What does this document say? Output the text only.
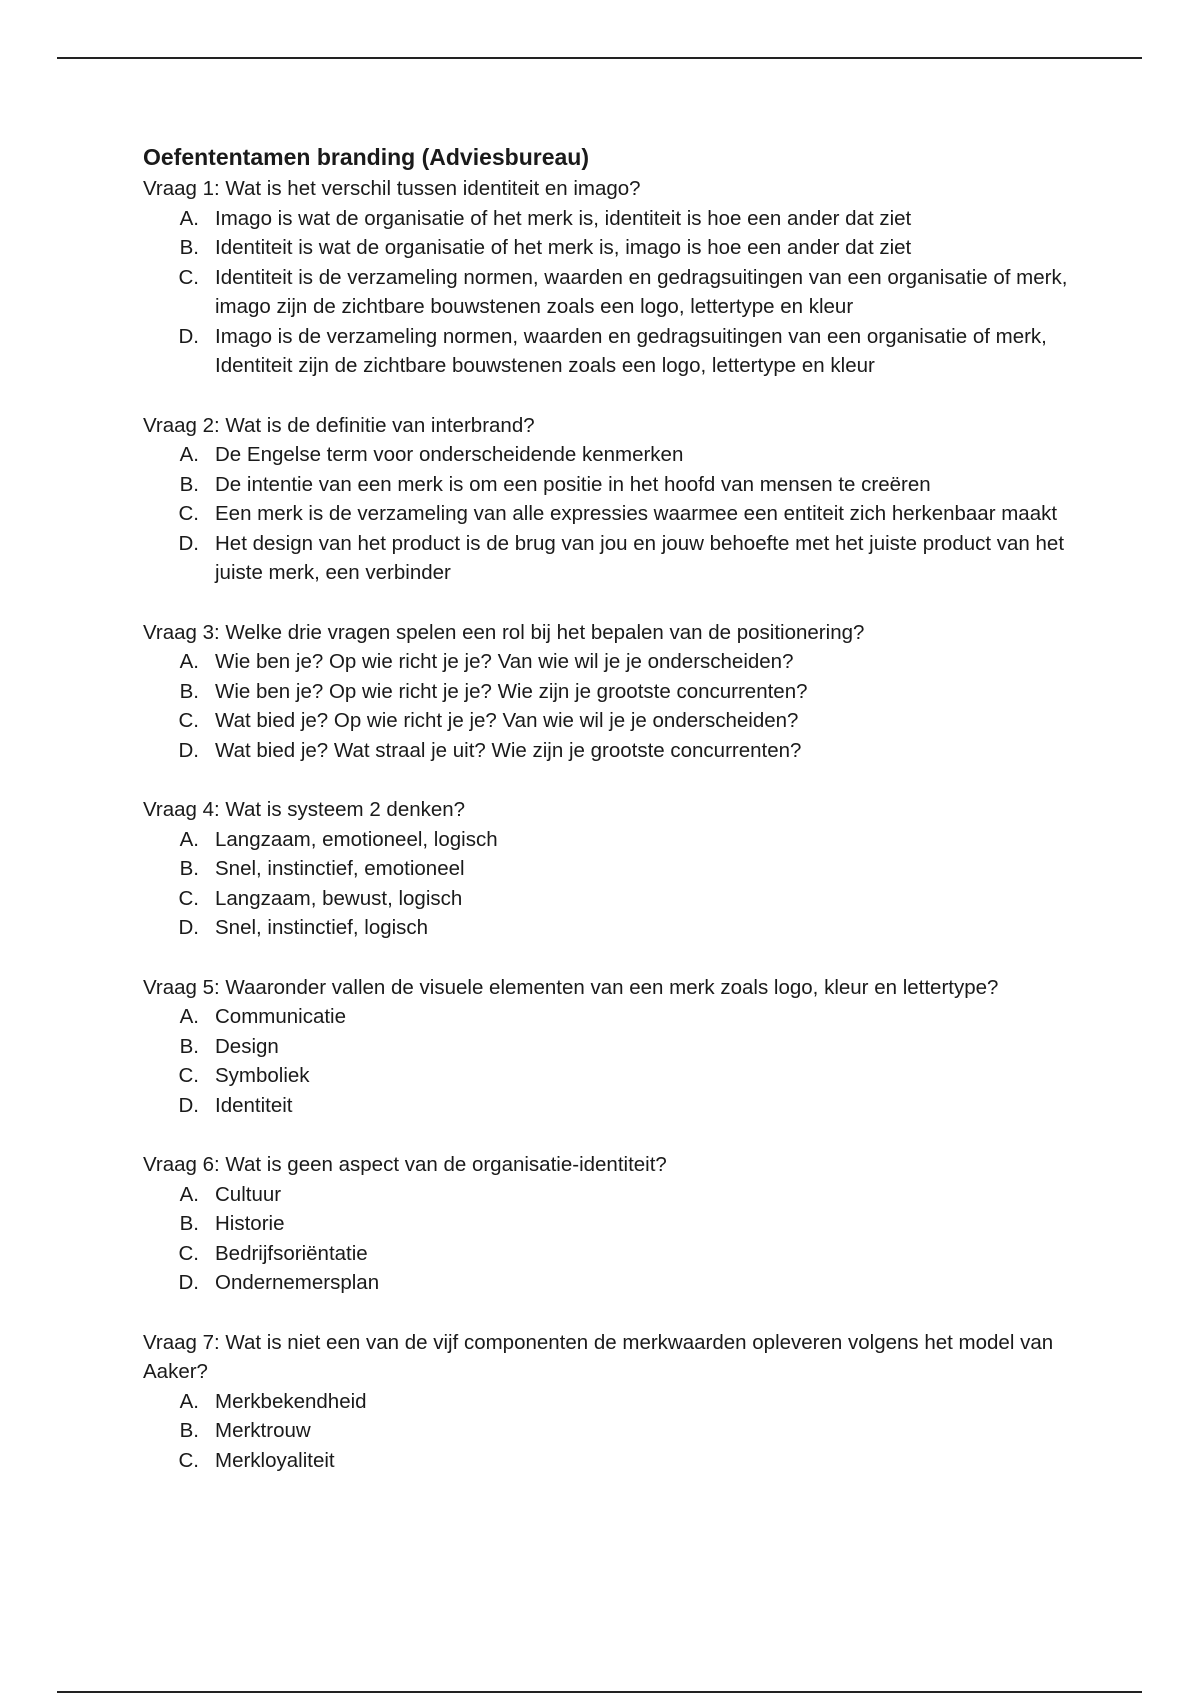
Oefententamen branding (Adviesbureau)

Vraag 1: Wat is het verschil tussen identiteit en imago?

A. Imago is wat de organisatie of het merk is, identiteit is hoe een ander dat ziet
B. Identiteit is wat de organisatie of het merk is, imago is hoe een ander dat ziet
C. Identiteit is de verzameling normen, waarden en gedragsuitingen van een organisatie of merk, imago zijn de zichtbare bouwstenen zoals een logo, lettertype en kleur
D. Imago is de verzameling normen, waarden en gedragsuitingen van een organisatie of merk, Identiteit zijn de zichtbare bouwstenen zoals een logo, lettertype en kleur

Vraag 2: Wat is de definitie van interbrand?

A. De Engelse term voor onderscheidende kenmerken
B. De intentie van een merk is om een positie in het hoofd van mensen te creëren
C. Een merk is de verzameling van alle expressies waarmee een entiteit zich herkenbaar maakt
D. Het design van het product is de brug van jou en jouw behoefte met het juiste product van het juiste merk, een verbinder

Vraag 3: Welke drie vragen spelen een rol bij het bepalen van de positionering?

A. Wie ben je? Op wie richt je je? Van wie wil je je onderscheiden?
B. Wie ben je? Op wie richt je je? Wie zijn je grootste concurrenten?
C. Wat bied je? Op wie richt je je? Van wie wil je je onderscheiden?
D. Wat bied je? Wat straal je uit? Wie zijn je grootste concurrenten?

Vraag 4: Wat is systeem 2 denken?

A. Langzaam, emotioneel, logisch
B. Snel, instinctief, emotioneel
C. Langzaam, bewust, logisch
D. Snel, instinctief, logisch

Vraag 5: Waaronder vallen de visuele elementen van een merk zoals logo, kleur en lettertype?

A. Communicatie
B. Design
C. Symboliek
D. Identiteit

Vraag 6: Wat is geen aspect van de organisatie-identiteit?

A. Cultuur
B. Historie
C. Bedrijfsoriëntatie
D. Ondernemersplan

Vraag 7: Wat is niet een van de vijf componenten de merkwaarden opleveren volgens het model van Aaker?

A. Merkbekendheid
B. Merktrouw
C. Merkloyaliteit
